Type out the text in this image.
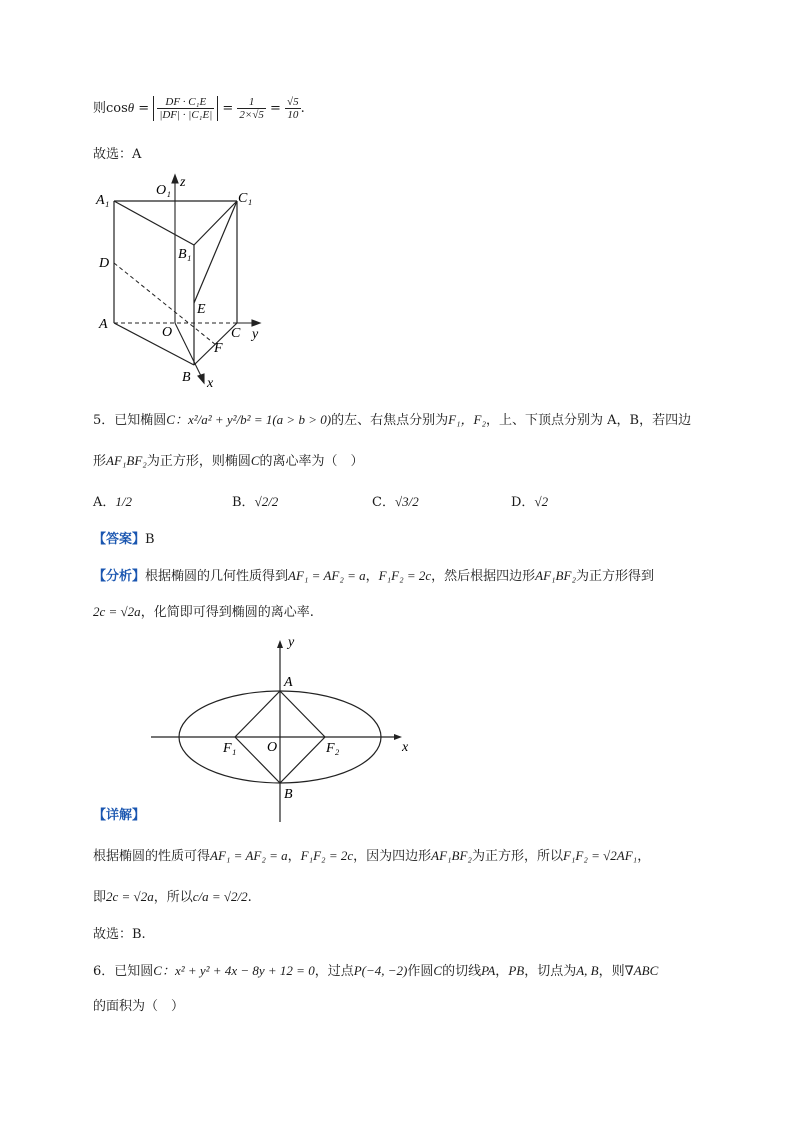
则$\cos\theta = \frac{\text{DF · C₁E}}{\text{|DF| · |C₁E|}} = \frac{1}{2\times√5} = \frac{√5}{10}$ .
故选：A
A₁
O₁
z
C₁
B₁
D
E
A
O	C y
F
B x
5．已知椭圆C：x²/a² + y²/b² = 1(a > b > 0)的左、右焦点分别为F₁，F₂，上、下顶点分别为 A，B，若四边
形AF₁BF₂为正方形，则椭圆C的离心率为（　）
A．1/2	B．√2/2	C．√3/2	D．√2
【答案】B
【分析】根据椭圆的几何性质得到AF₁ = AF₂ = a，F₁F₂ = 2c，然后根据四边形AF₁BF₂为正方形得到
2c = √2a，化简即可得到椭圆的离心率.
y
A
F₁ O	F₂	x
B
【详解】
根据椭圆的性质可得AF₁ = AF₂ = a，F₁F₂ = 2c，因为四边形AF₁BF₂为正方形，所以F₁F₂ = √2AF₁，
即2c = √2a，所以c/a = √2/2.
故选：B.
6．已知圆C：x² + y² + 4x − 8y + 12 = 0，过点P(−4, −2)作圆C的切线PA，PB，切点为A, B，则∇ABC
的面积为（　）
